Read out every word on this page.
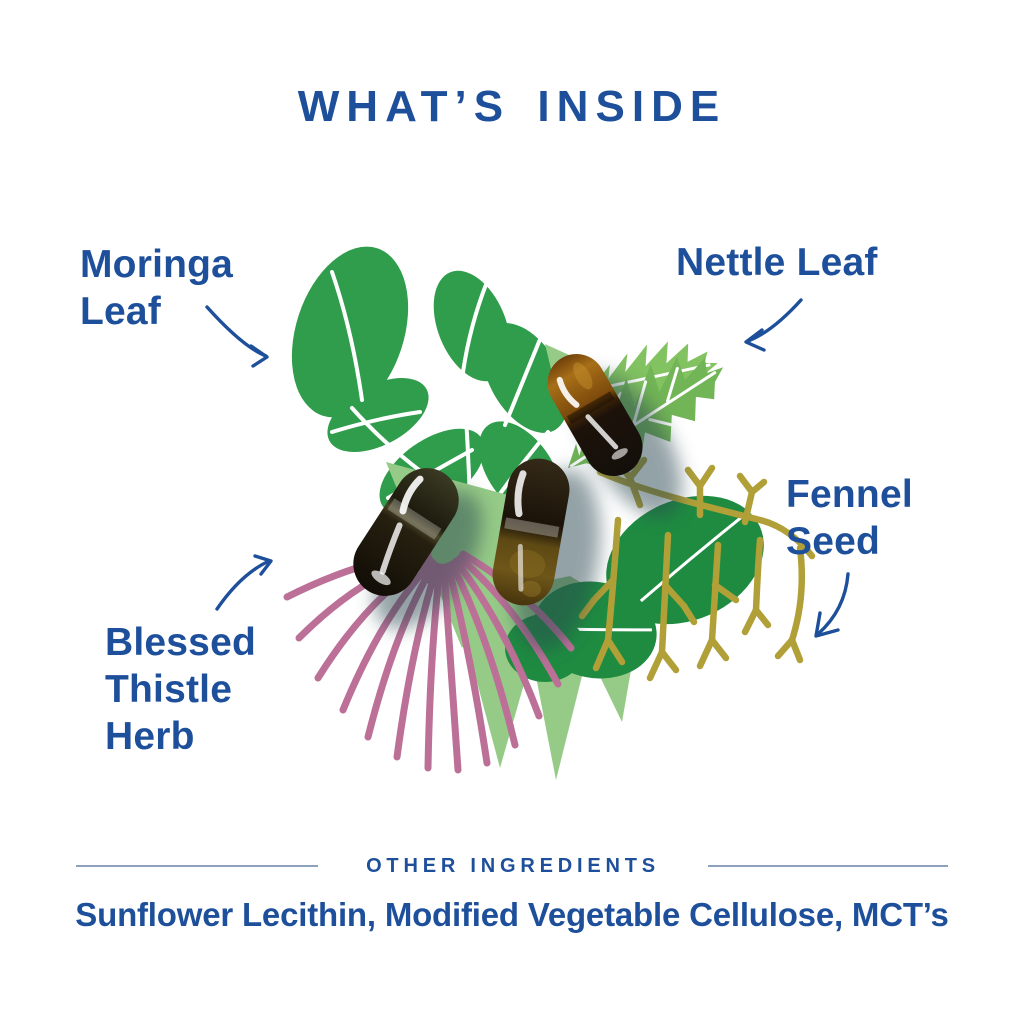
WHAT’S INSIDE
Moringa
Leaf
Nettle Leaf
Fennel
Seed
Blessed
Thistle
Herb
OTHER INGREDIENTS

Sunflower Lecithin, Modified Vegetable Cellulose, MCT’s
